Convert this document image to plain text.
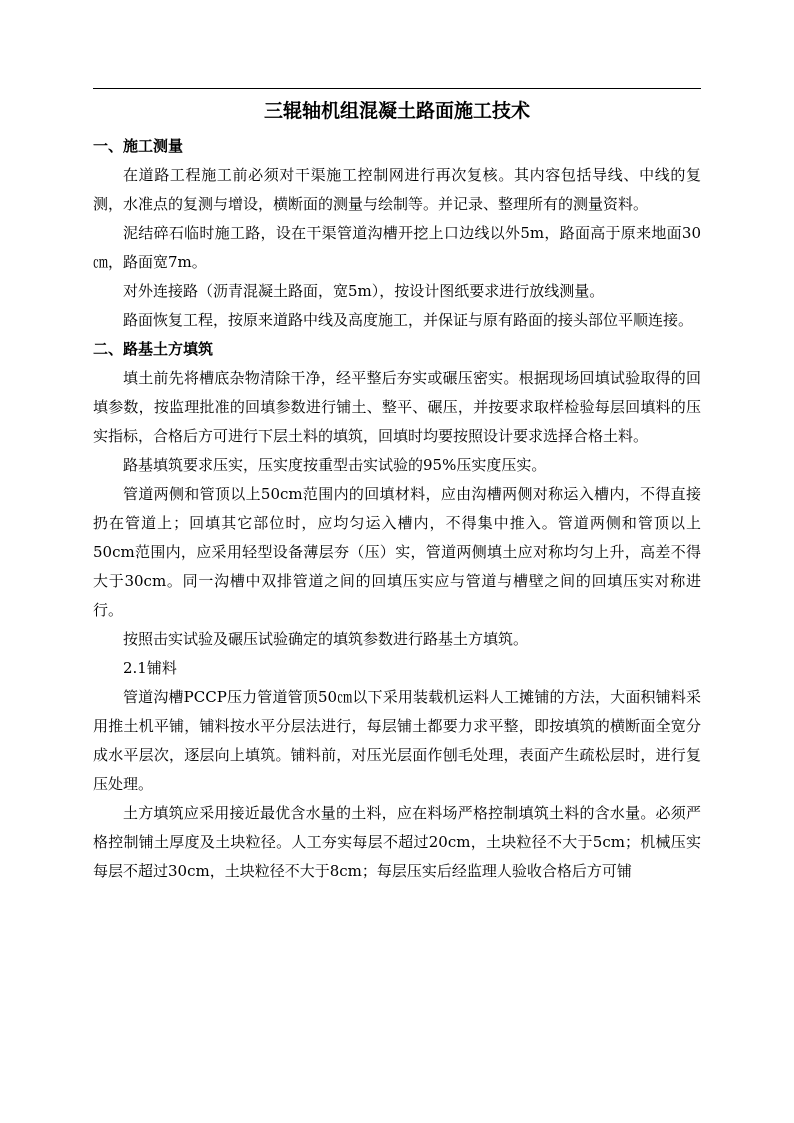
三辊轴机组混凝土路面施工技术
一、施工测量

在道路工程施工前必须对干渠施工控制网进行再次复核。其内容包括导线、中线的复测，水准点的复测与增设，横断面的测量与绘制等。并记录、整理所有的测量资料。

泥结碎石临时施工路，设在干渠管道沟槽开挖上口边线以外5m，路面高于原来地面30㎝，路面宽7m。

对外连接路（沥青混凝土路面，宽5m），按设计图纸要求进行放线测量。

路面恢复工程，按原来道路中线及高度施工，并保证与原有路面的接头部位平顺连接。

二、路基土方填筑

填土前先将槽底杂物清除干净，经平整后夯实或碾压密实。根据现场回填试验取得的回填参数，按监理批准的回填参数进行铺土、整平、碾压，并按要求取样检验每层回填料的压实指标，合格后方可进行下层土料的填筑，回填时均要按照设计要求选择合格土料。

路基填筑要求压实，压实度按重型击实试验的95%压实度压实。

管道两侧和管顶以上50cm范围内的回填材料，应由沟槽两侧对称运入槽内，不得直接扔在管道上；回填其它部位时，应均匀运入槽内，不得集中推入。管道两侧和管顶以上50cm范围内，应采用轻型设备薄层夯（压）实，管道两侧填土应对称均匀上升，高差不得大于30cm。同一沟槽中双排管道之间的回填压实应与管道与槽壁之间的回填压实对称进行。

按照击实试验及碾压试验确定的填筑参数进行路基土方填筑。

2.1铺料

管道沟槽PCCP压力管道管顶50㎝以下采用装载机运料人工摊铺的方法，大面积铺料采用推土机平铺，铺料按水平分层法进行，每层铺土都要力求平整，即按填筑的横断面全宽分成水平层次，逐层向上填筑。铺料前，对压光层面作刨毛处理，表面产生疏松层时，进行复压处理。

土方填筑应采用接近最优含水量的土料，应在料场严格控制填筑土料的含水量。必须严格控制铺土厚度及土块粒径。人工夯实每层不超过20cm，土块粒径不大于5cm；机械压实每层不超过30cm，土块粒径不大于8cm；每层压实后经监理人验收合格后方可铺
